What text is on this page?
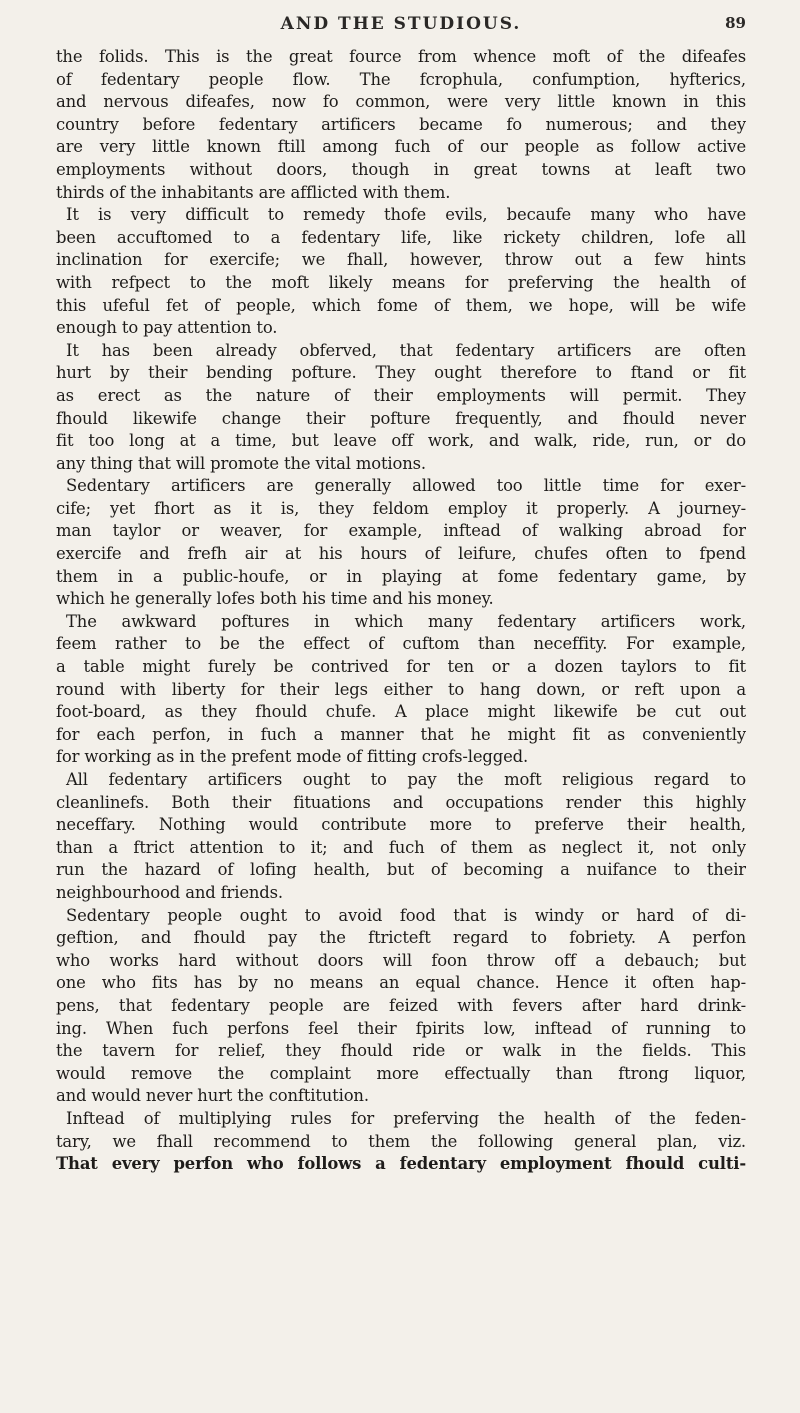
AND THE STUDIOUS.	89
the folids. This is the great fource from whence moft of the difeafes
of fedentary people flow. The fcrophula, confumption, hyfterics,
and nervous difeafes, now fo common, were very little known in this
country before fedentary artificers became fo numerous; and they
are very little known ftill among fuch of our people as follow active
employments without doors, though in great towns at leaft two
thirds of the inhabitants are afflicted with them.
It is very difficult to remedy thofe evils, becaufe many who have
been accuftomed to a fedentary life, like rickety children, lofe all
inclination for exercife; we fhall, however, throw out a few hints
with refpect to the moft likely means for preferving the health of
this ufeful fet of people, which fome of them, we hope, will be wife
enough to pay attention to.
It has been already obferved, that fedentary artificers are often
hurt by their bending pofture. They ought therefore to ftand or fit
as erect as the nature of their employments will permit. They
fhould likewife change their pofture frequently, and fhould never
fit too long at a time, but leave off work, and walk, ride, run, or do
any thing that will promote the vital motions.
Sedentary artificers are generally allowed too little time for exer-
cife; yet fhort as it is, they feldom employ it properly. A journey-
man taylor or weaver, for example, inftead of walking abroad for
exercife and frefh air at his hours of leifure, chufes often to fpend
them in a public-houfe, or in playing at fome fedentary game, by
which he generally lofes both his time and his money.
The awkward poftures in which many fedentary artificers work,
feem rather to be the effect of cuftom than neceffity. For example,
a table might furely be contrived for ten or a dozen taylors to fit
round with liberty for their legs either to hang down, or reft upon a
foot-board, as they fhould chufe. A place might likewife be cut out
for each perfon, in fuch a manner that he might fit as conveniently
for working as in the prefent mode of fitting crofs-legged.
All fedentary artificers ought to pay the moft religious regard to
cleanlinefs. Both their fituations and occupations render this highly
neceffary. Nothing would contribute more to preferve their health,
than a ftrict attention to it; and fuch of them as neglect it, not only
run the hazard of lofing health, but of becoming a nuifance to their
neighbourhood and friends.
Sedentary people ought to avoid food that is windy or hard of di-
geftion, and fhould pay the ftricteft regard to fobriety. A perfon
who works hard without doors will foon throw off a debauch; but
one who fits has by no means an equal chance. Hence it often hap-
pens, that fedentary people are feized with fevers after hard drink-
ing. When fuch perfons feel their fpirits low, inftead of running to
the tavern for relief, they fhould ride or walk in the fields. This
would remove the complaint more effectually than ftrong liquor,
and would never hurt the conftitution.
Inftead of multiplying rules for preferving the health of the feden-
tary, we fhall recommend to them the following general plan, viz.
That every perfon who follows a fedentary employment fhould culti-
